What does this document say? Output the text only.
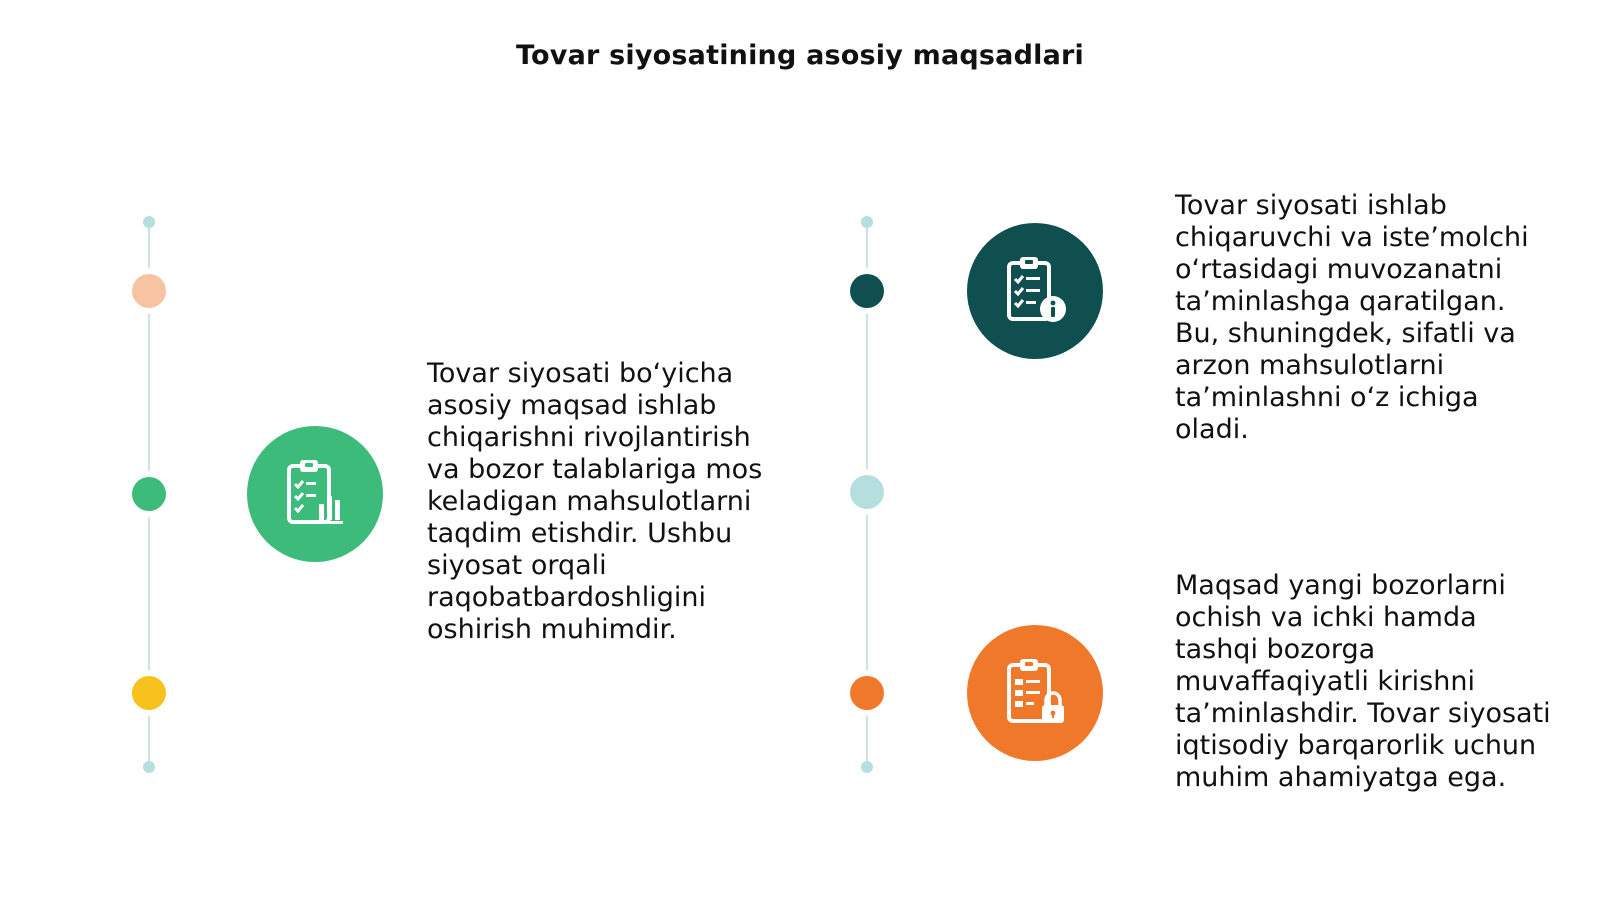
Tovar siyosatining asosiy maqsadlari

Tovar siyosati bo‘yicha asosiy maqsad ishlab chiqarishni rivojlantirish va bozor talablariga mos keladigan mahsulotlarni taqdim etishdir. Ushbu siyosat orqali raqobatbardoshligini oshirish muhimdir.

Tovar siyosati ishlab chiqaruvchi va iste’molchi o‘rtasidagi muvozanatni ta’minlashga qaratilgan. Bu, shuningdek, sifatli va arzon mahsulotlarni ta’minlashni o‘z ichiga oladi.

Maqsad yangi bozorlarni ochish va ichki hamda tashqi bozorga muvaffaqiyatli kirishni ta’minlashdir. Tovar siyosati iqtisodiy barqarorlik uchun muhim ahamiyatga ega.
